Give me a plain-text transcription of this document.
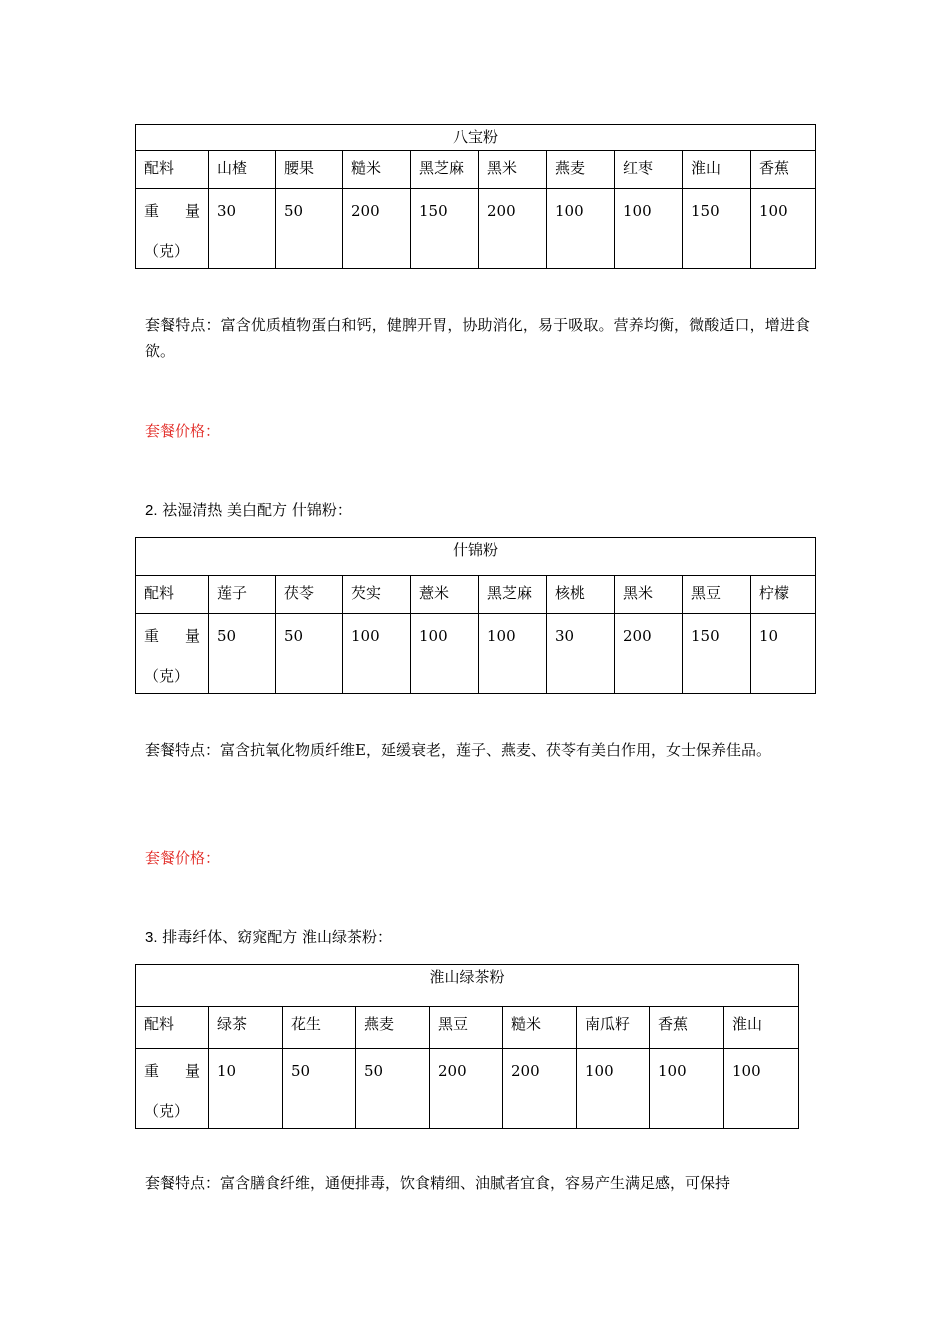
八宝粉									
配料	山楂	腰果	糙米	黑芝麻	黑米	燕麦	红枣	淮山	香蕉

重　量
（克）	30	50	200	150	200	100	100	150	100
套餐特点：富含优质植物蛋白和钙，健脾开胃，协助消化，易于吸取。营养均衡，微酸适口，增进食欲。
套餐价格：
2. 祛湿清热 美白配方 什锦粉：
什锦粉									
配料	莲子	茯苓	芡实	薏米	黑芝麻	核桃	黑米	黑豆	柠檬

重　量
（克）	50	50	100	100	100	30	200	150	10
套餐特点：富含抗氧化物质纤维E，延缓衰老，莲子、燕麦、茯苓有美白作用，女士保养佳品。
套餐价格：
3. 排毒纤体、窈窕配方 淮山绿茶粉：
淮山绿茶粉								
配料	绿茶	花生	燕麦	黑豆	糙米	南瓜籽	香蕉	淮山

重　量
（克）	10	50	50	200	200	100	100	100
套餐特点：富含膳食纤维，通便排毒，饮食精细、油腻者宜食，容易产生满足感，可保持
